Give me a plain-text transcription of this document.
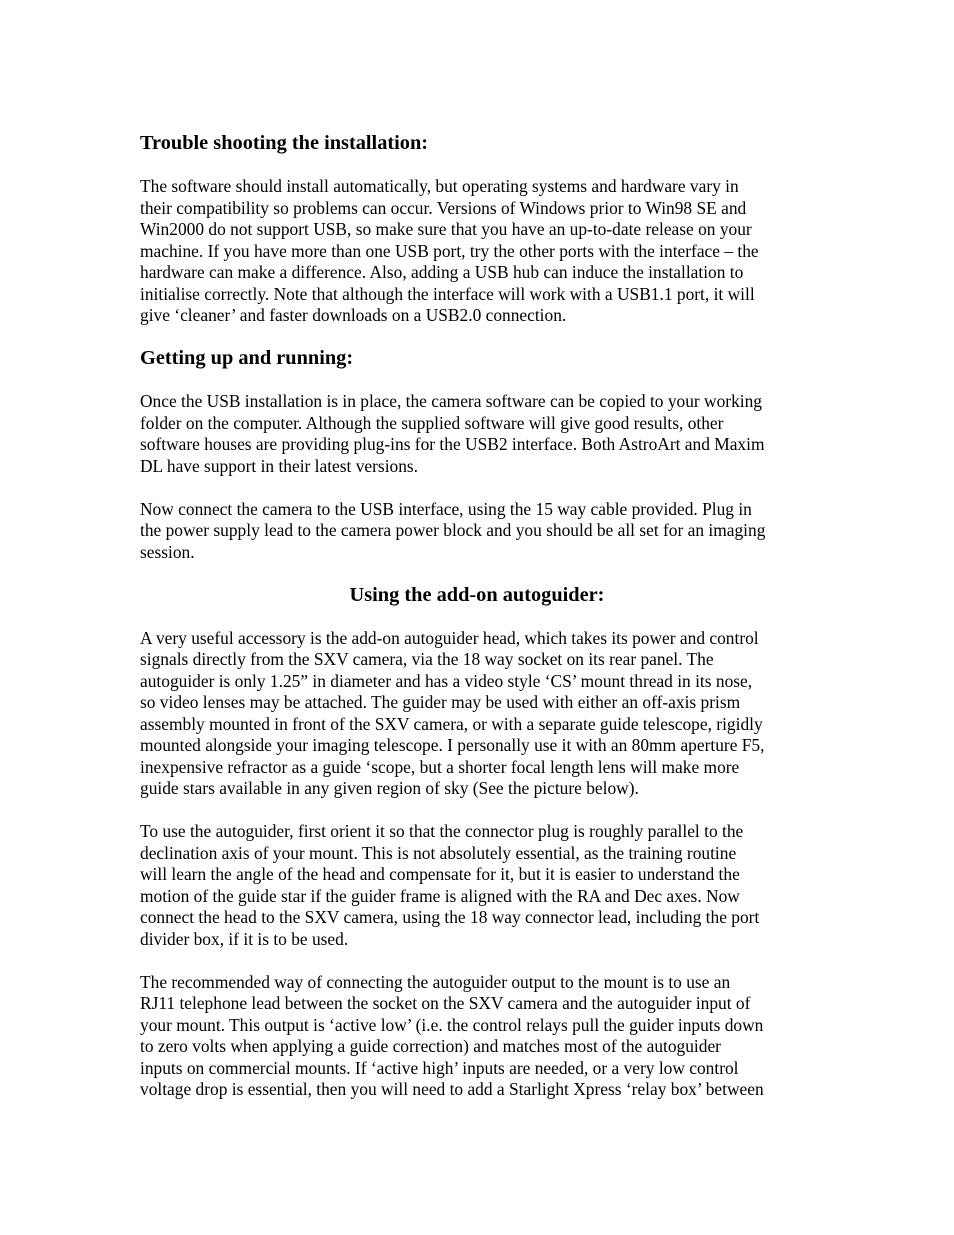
Trouble shooting the installation:

The software should install automatically, but operating systems and hardware vary in
their compatibility so problems can occur. Versions of Windows prior to Win98 SE and
Win2000 do not support USB, so make sure that you have an up-to-date release on your
machine. If you have more than one USB port, try the other ports with the interface – the
hardware can make a difference. Also, adding a USB hub can induce the installation to
initialise correctly. Note that although the interface will work with a USB1.1 port, it will
give ‘cleaner’ and faster downloads on a USB2.0 connection.

Getting up and running:

Once the USB installation is in place, the camera software can be copied to your working
folder on the computer. Although the supplied software will give good results, other
software houses are providing plug-ins for the USB2 interface. Both AstroArt and Maxim
DL have support in their latest versions.

Now connect the camera to the USB interface, using the 15 way cable provided. Plug in
the power supply lead to the camera power block and you should be all set for an imaging
session.

Using the add-on autoguider:

A very useful accessory is the add-on autoguider head, which takes its power and control
signals directly from the SXV camera, via the 18 way socket on its rear panel. The
autoguider is only 1.25” in diameter and has a video style ‘CS’ mount thread in its nose,
so video lenses may be attached. The guider may be used with either an off-axis prism
assembly mounted in front of the SXV camera, or with a separate guide telescope, rigidly
mounted alongside your imaging telescope. I personally use it with an 80mm aperture F5,
inexpensive refractor as a guide ‘scope, but a shorter focal length lens will make more
guide stars available in any given region of sky (See the picture below).

To use the autoguider, first orient it so that the connector plug is roughly parallel to the
declination axis of your mount. This is not absolutely essential, as the training routine
will learn the angle of the head and compensate for it, but it is easier to understand the
motion of the guide star if the guider frame is aligned with the RA and Dec axes. Now
connect the head to the SXV camera, using the 18 way connector lead, including the port
divider box, if it is to be used.

The recommended way of connecting the autoguider output to the mount is to use an
RJ11 telephone lead between the socket on the SXV camera and the autoguider input of
your mount. This output is ‘active low’ (i.e. the control relays pull the guider inputs down
to zero volts when applying a guide correction) and matches most of the autoguider
inputs on commercial mounts. If ‘active high’ inputs are needed, or a very low control
voltage drop is essential, then you will need to add a Starlight Xpress ‘relay box’ between
